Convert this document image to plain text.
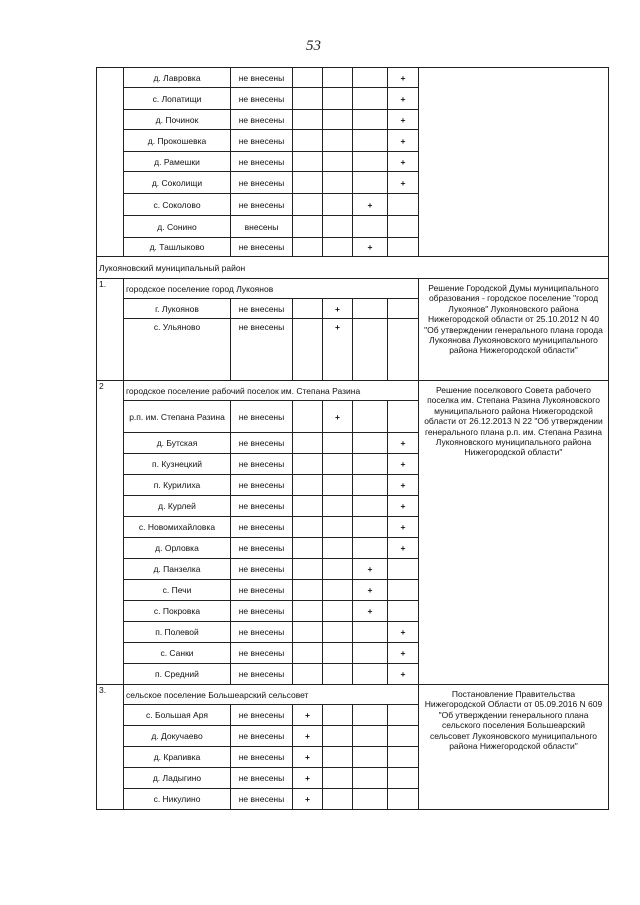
53
	д. Лавровка	не внесены				+	
	с. Лопатищи	не внесены				+	
	д. Починок	не внесены				+	
	д. Прокошевка	не внесены				+	
	д. Рамешки	не внесены				+	
	д. Соколищи	не внесены				+	
	с. Соколово	не внесены			+		
	д. Сонино	внесены					
	д. Ташлыково	не внесены			+		
Лукояновский муниципальный район							
1.	городское поселение город Лукоянов						Решение Городской Думы муниципального образования - городское поселение "город Лукоянов" Лукояновского района Нижегородской области от 25.10.2012 N 40 "Об утверждении генерального плана города Лукоянова Лукояновского муниципального района Нижегородской области"
	г. Лукоянов	не внесены		+			
	с. Ульяново	не внесены		+			
2	городское поселение рабочий поселок им. Степана Разина						Решение поселкового Совета рабочего поселка им. Степана Разина Лукояновского муниципального района Нижегородской области от 26.12.2013 N 22 "Об утверждении генерального плана р.п. им. Степана Разина Лукояновского муниципального района Нижегородской области"
	р.п. им. Степана Разина	не внесены		+			
	д. Бутская	не внесены				+	
	п. Кузнецкий	не внесены				+	
	п. Курилиха	не внесены				+	
	д. Курлей	не внесены				+	
	с. Новомихайловка	не внесены				+	
	д. Орловка	не внесены				+	
	д. Панзелка	не внесены			+		
	с. Печи	не внесены			+		
	с. Покровка	не внесены			+		
	п. Полевой	не внесены				+	
	с. Санки	не внесены				+	
	п. Средний	не внесены				+	
3.	сельское поселение Большеарский сельсовет						Постановление Правительства Нижегородской Области от 05.09.2016 N 609 "Об утверждении генерального плана сельского поселения Большеарский сельсовет Лукояновского муниципального района Нижегородской области"
	с. Большая Аря	не внесены	+				
	д. Докучаево	не внесены	+				
	д. Крапивка	не внесены	+				
	д. Ладыгино	не внесены	+				
	с. Никулино	не внесены	+				
